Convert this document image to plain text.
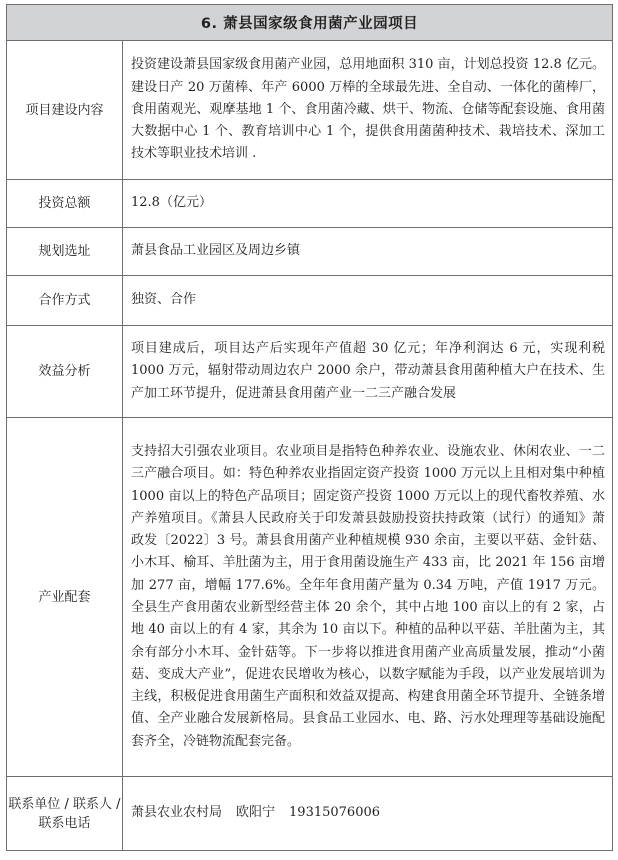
6. 萧县国家级食用菌产业园项目	
项目建设内容	投资建设萧县国家级食用菌产业园，总用地面积 310 亩，计划总投资 12.8 亿元。建设日产 20 万菌棒、年产 6000 万棒的全球最先进、全自动、一体化的菌棒厂，食用菌观光、观摩基地 1 个、食用菌冷藏、烘干、物流、仓储等配套设施、食用菌大数据中心 1 个、教育培训中心 1 个，提供食用菌菌种技术、栽培技术、深加工技术等职业技术培训 .
投资总额	12.8（亿元）
规划选址	萧县食品工业园区及周边乡镇
合作方式	独资、合作
效益分析	项目建成后，项目达产后实现年产值超 30 亿元；年净利润达 6 元，实现利税 1000 万元，辐射带动周边农户 2000 余户，带动萧县食用菌种植大户在技术、生产加工环节提升，促进萧县食用菌产业一二三产融合发展
产业配套	支持招大引强农业项目。农业项目是指特色种养农业、设施农业、休闲农业、一二三产融合项目。如：特色种养农业指固定资产投资 1000 万元以上且相对集中种植 1000 亩以上的特色产品项目；固定资产投资 1000 万元以上的现代畜牧养殖、水产养殖项目。《萧县人民政府关于印发萧县鼓励投资扶持政策（试行）的通知》萧政发〔2022〕3 号。萧县食用菌产业种植规模 930 余亩，主要以平菇、金针菇、小木耳、榆耳、羊肚菌为主，用于食用菌设施生产 433 亩，比 2021 年 156 亩增加 277 亩，增幅 177.6%。全年年食用菌产量为 0.34 万吨，产值 1917 万元。全县生产食用菌农业新型经营主体 20 余个，其中占地 100 亩以上的有 2 家，占地 40 亩以上的有 4 家，其余为 10 亩以下。种植的品种以平菇、羊肚菌为主，其余有部分小木耳、金针菇等。下一步将以推进食用菌产业高质量发展，推动“小菌菇、变成大产业”，促进农民增收为核心，以数字赋能为手段，以产业发展培训为主线，积极促进食用菌生产面积和效益双提高、构建食用菌全环节提升、全链条增值、全产业融合发展新格局。县食品工业园水、电、路、污水处理理等基础设施配套齐全，冷链物流配套完备。
联系单位 / 联系人 / 联系电话	萧县农业农村局 欧阳宁 19315076006
